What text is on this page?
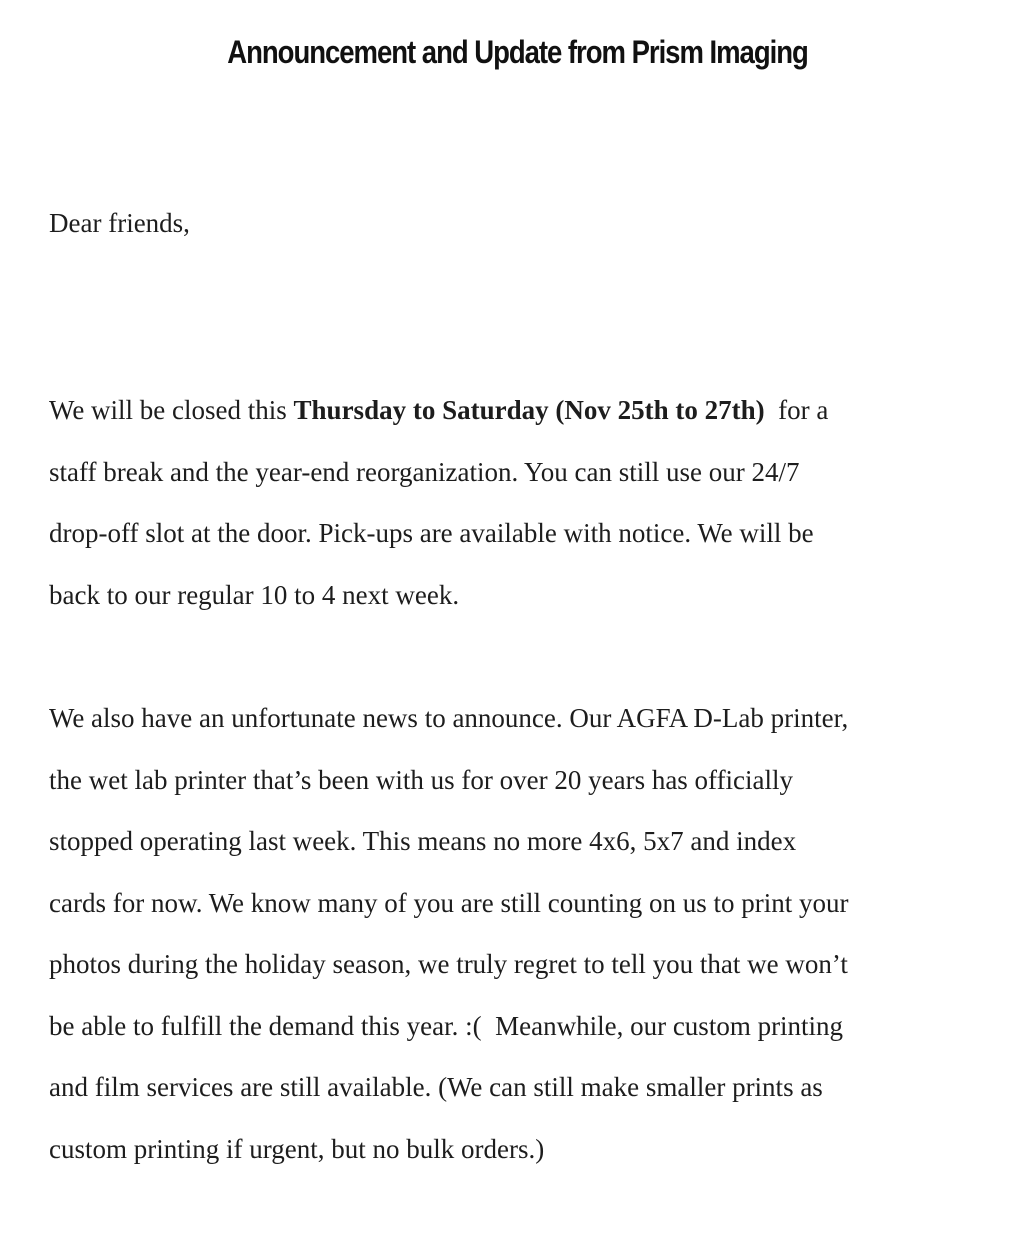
Announcement and Update from Prism Imaging

Dear friends,

We will be closed this Thursday to Saturday (Nov 25th to 27th)  for a
staff break and the year-end reorganization. You can still use our 24/7
drop-off slot at the door. Pick-ups are available with notice. We will be
back to our regular 10 to 4 next week.
We also have an unfortunate news to announce. Our AGFA D-Lab printer,
the wet lab printer that’s been with us for over 20 years has officially
stopped operating last week. This means no more 4x6, 5x7 and index
cards for now. We know many of you are still counting on us to print your
photos during the holiday season, we truly regret to tell you that we won’t
be able to fulfill the demand this year. :(  Meanwhile, our custom printing
and film services are still available. (We can still make smaller prints as
custom printing if urgent, but no bulk orders.)
